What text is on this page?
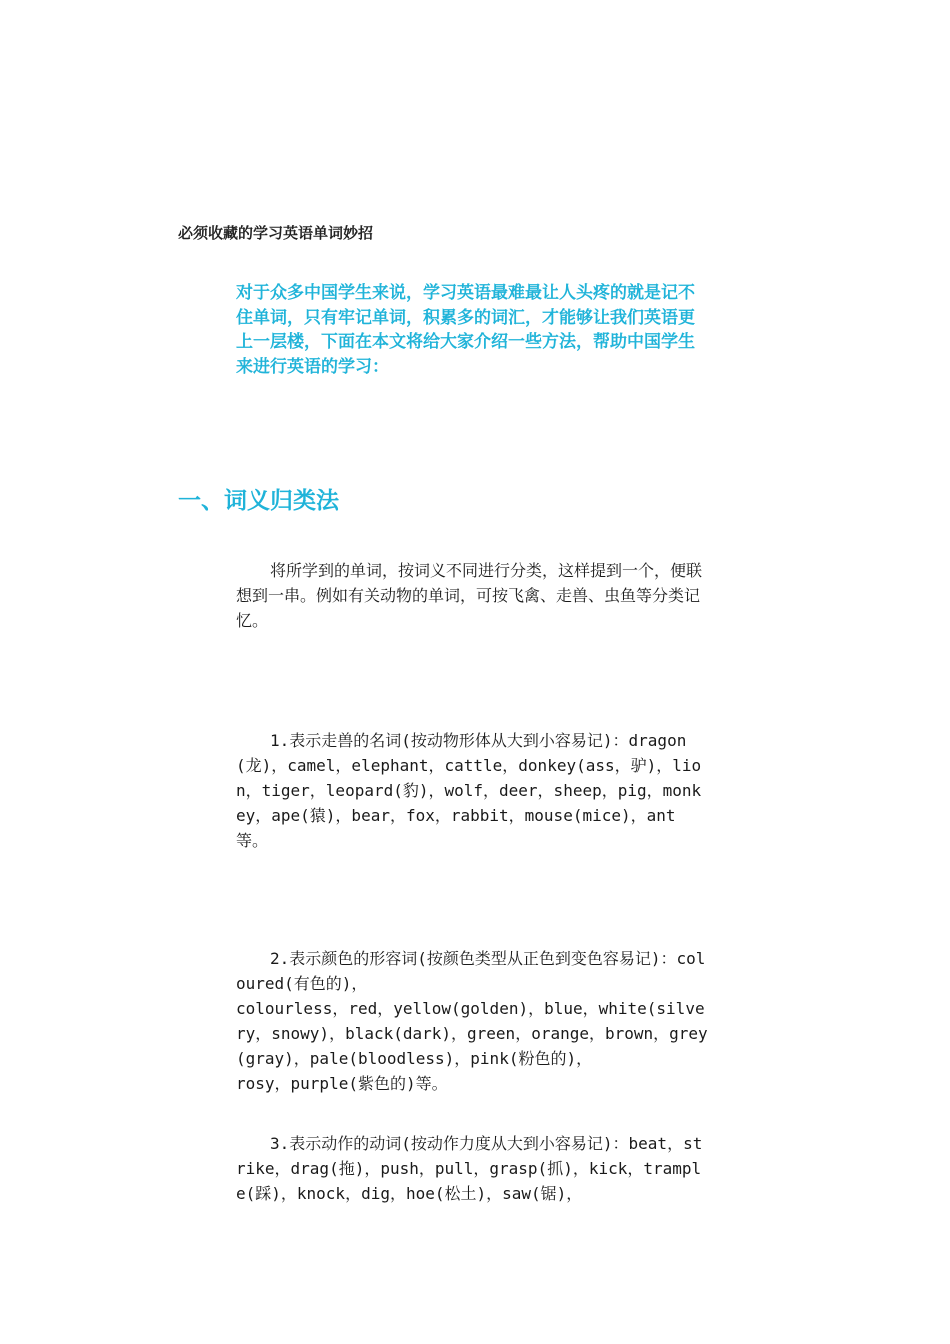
必须收藏的学习英语单词妙招
对于众多中国学生来说，学习英语最难最让人头疼的就是记不住单词，只有牢记单词，积累多的词汇，才能够让我们英语更上一层楼，下面在本文将给大家介绍一些方法，帮助中国学生来进行英语的学习：
一、词义归类法
将所学到的单词，按词义不同进行分类，这样提到一个，便联想到一串。例如有关动物的单词，可按飞禽、走兽、虫鱼等分类记忆。
1.表示走兽的名词(按动物形体从大到小容易记)：dragon(龙)，camel，elephant，cattle，donkey(ass，驴)，lion，tiger，leopard(豹)，wolf，deer，sheep，pig，monkey，ape(猿)，bear，fox，rabbit，mouse(mice)，ant 等。
2.表示颜色的形容词(按颜色类型从正色到变色容易记)：coloured(有色的)，
colourless，red，yellow(golden)，blue，white(silvery，snowy)，black(dark)，green，orange，brown，grey(gray)，pale(bloodless)，pink(粉色的)，
rosy，purple(紫色的)等。
3.表示动作的动词(按动作力度从大到小容易记)：beat，strike，drag(拖)，push，pull，grasp(抓)，kick，trample(踩)，knock，dig，hoe(松土)，saw(锯)，
